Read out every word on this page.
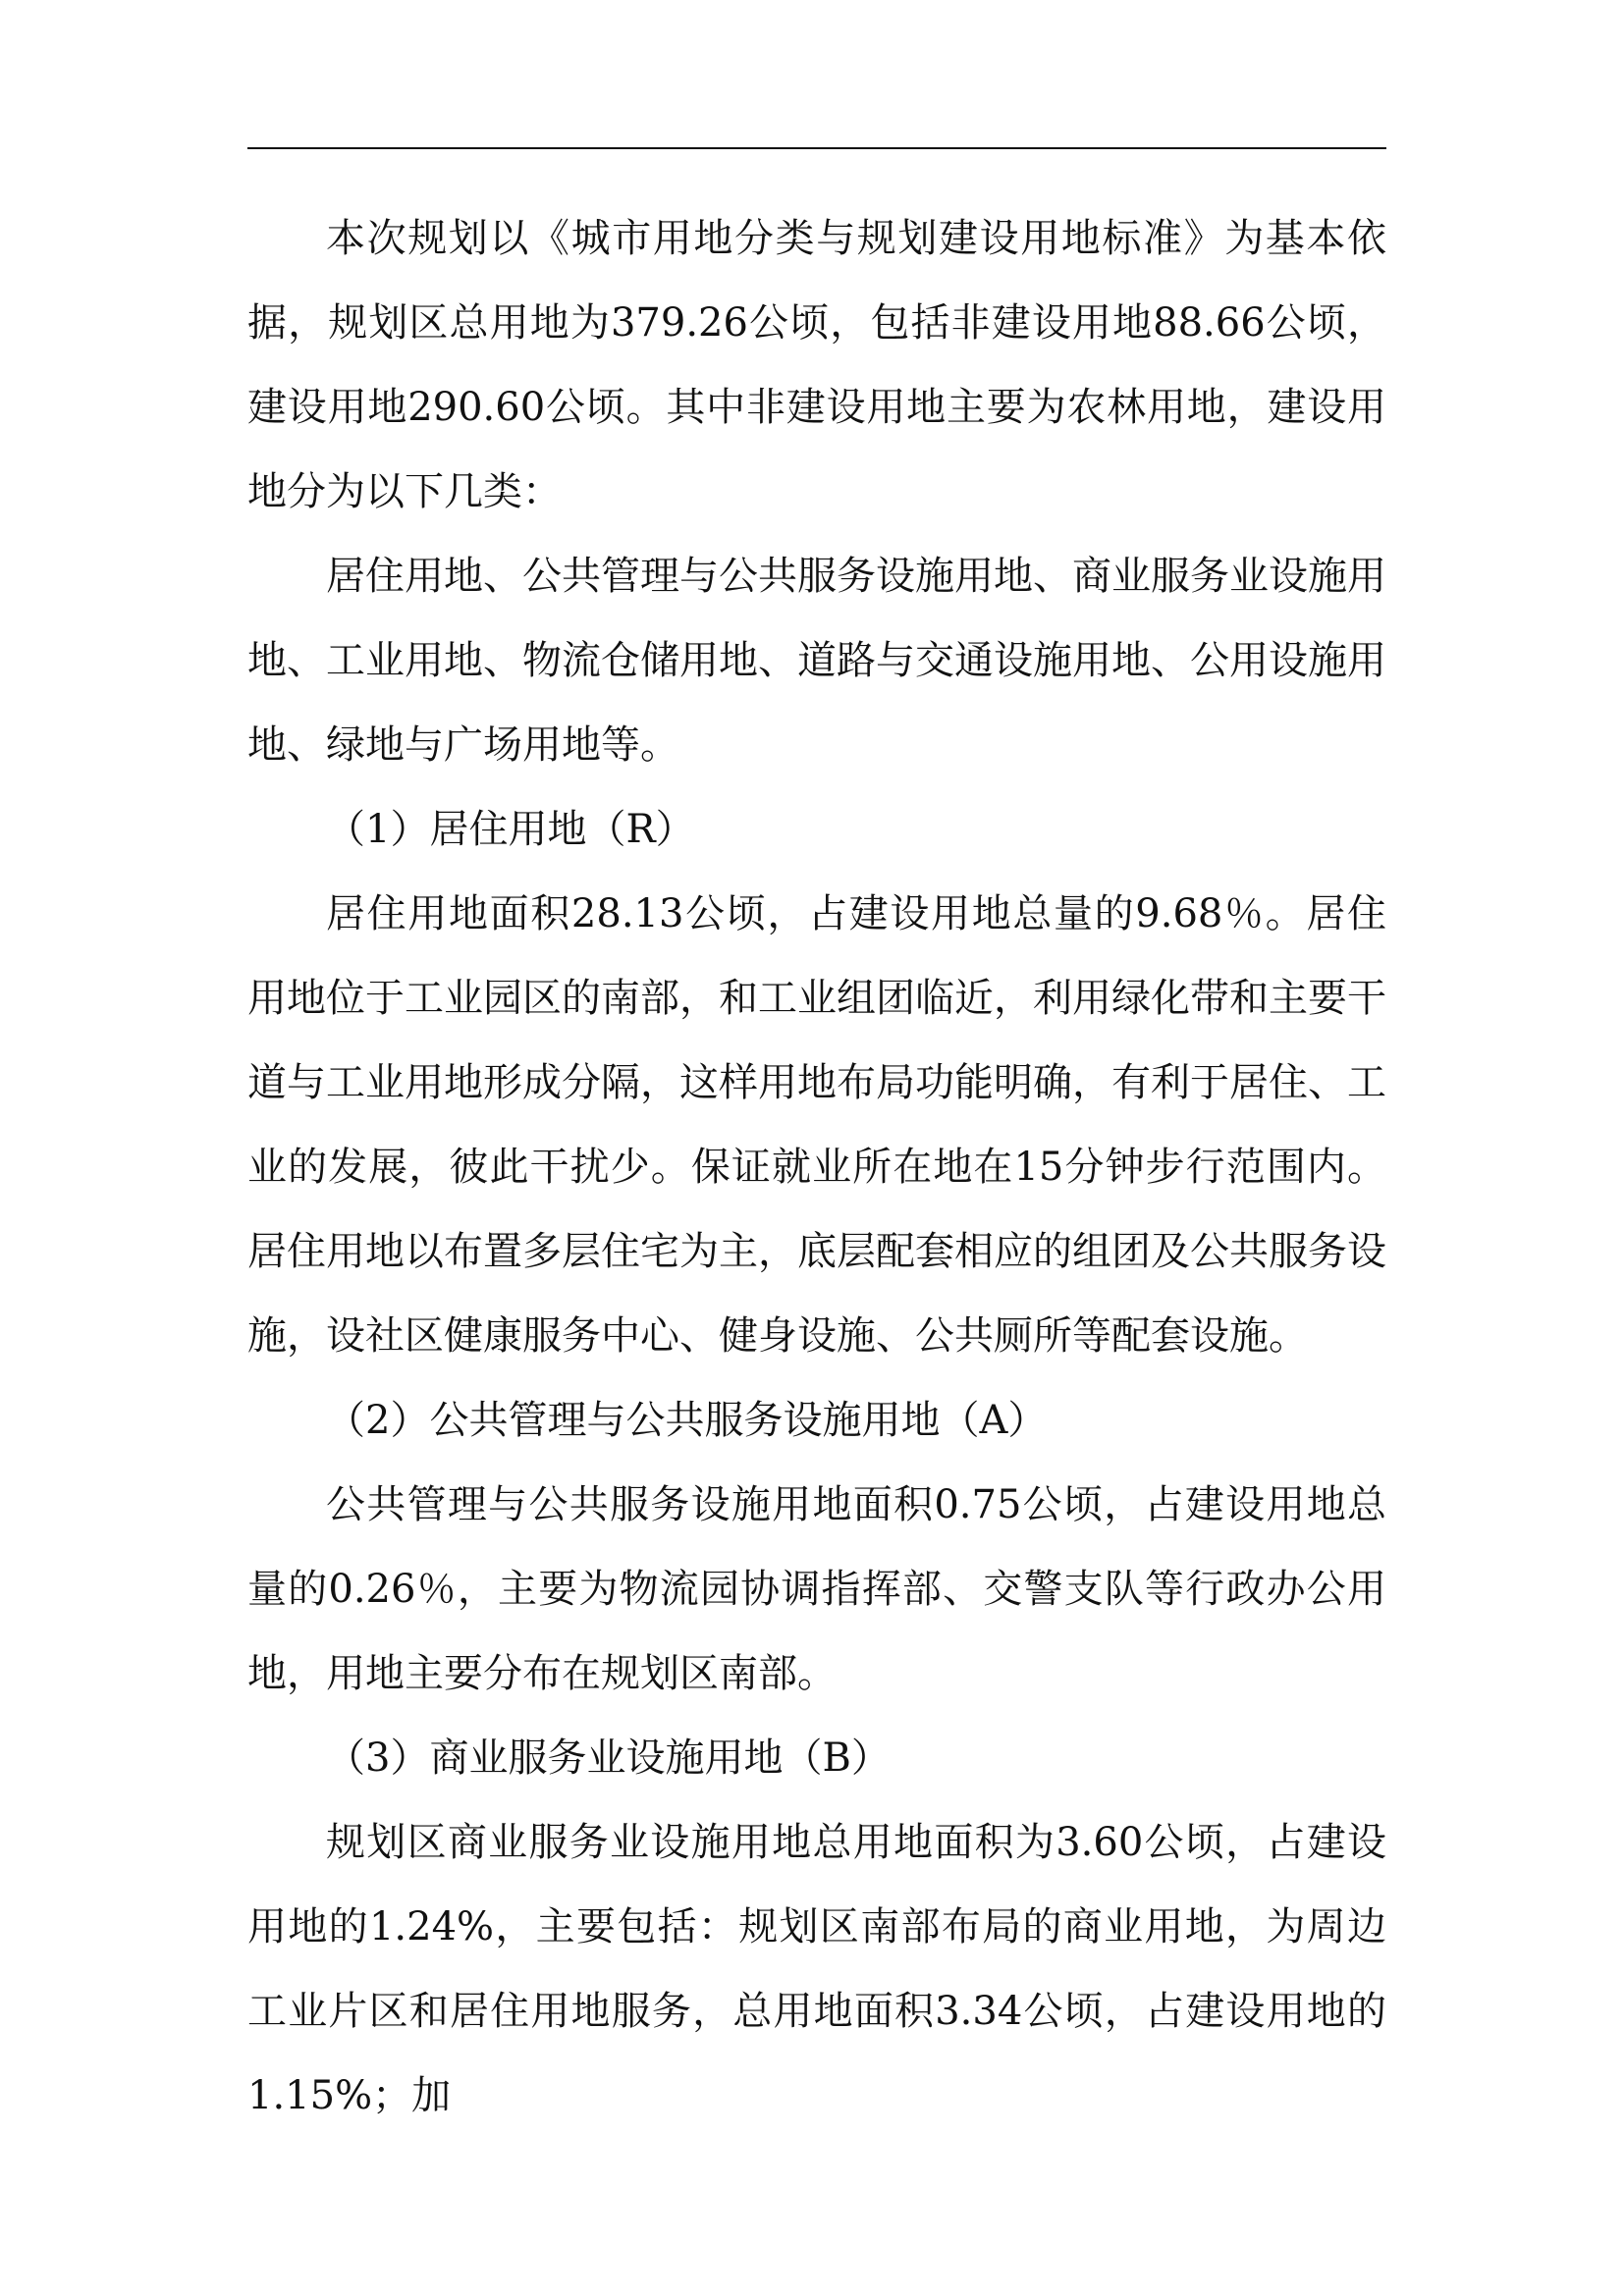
本次规划以《城市用地分类与规划建设用地标准》为基本依据，规划区总用地为379.26公顷，包括非建设用地88.66公顷，建设用地290.60公顷。其中非建设用地主要为农林用地，建设用地分为以下几类：

居住用地、公共管理与公共服务设施用地、商业服务业设施用地、工业用地、物流仓储用地、道路与交通设施用地、公用设施用地、绿地与广场用地等。

（1）居住用地（R）

居住用地面积28.13公顷，占建设用地总量的9.68％。居住用地位于工业园区的南部，和工业组团临近，利用绿化带和主要干道与工业用地形成分隔，这样用地布局功能明确，有利于居住、工业的发展，彼此干扰少。保证就业所在地在15分钟步行范围内。居住用地以布置多层住宅为主，底层配套相应的组团及公共服务设施，设社区健康服务中心、健身设施、公共厕所等配套设施。

（2）公共管理与公共服务设施用地（A）

公共管理与公共服务设施用地面积0.75公顷，占建设用地总量的0.26％，主要为物流园协调指挥部、交警支队等行政办公用地，用地主要分布在规划区南部。

（3）商业服务业设施用地（B）

规划区商业服务业设施用地总用地面积为3.60公顷，占建设用地的1.24%，主要包括：规划区南部布局的商业用地，为周边工业片区和居住用地服务，总用地面积3.34公顷，占建设用地的1.15%；加
